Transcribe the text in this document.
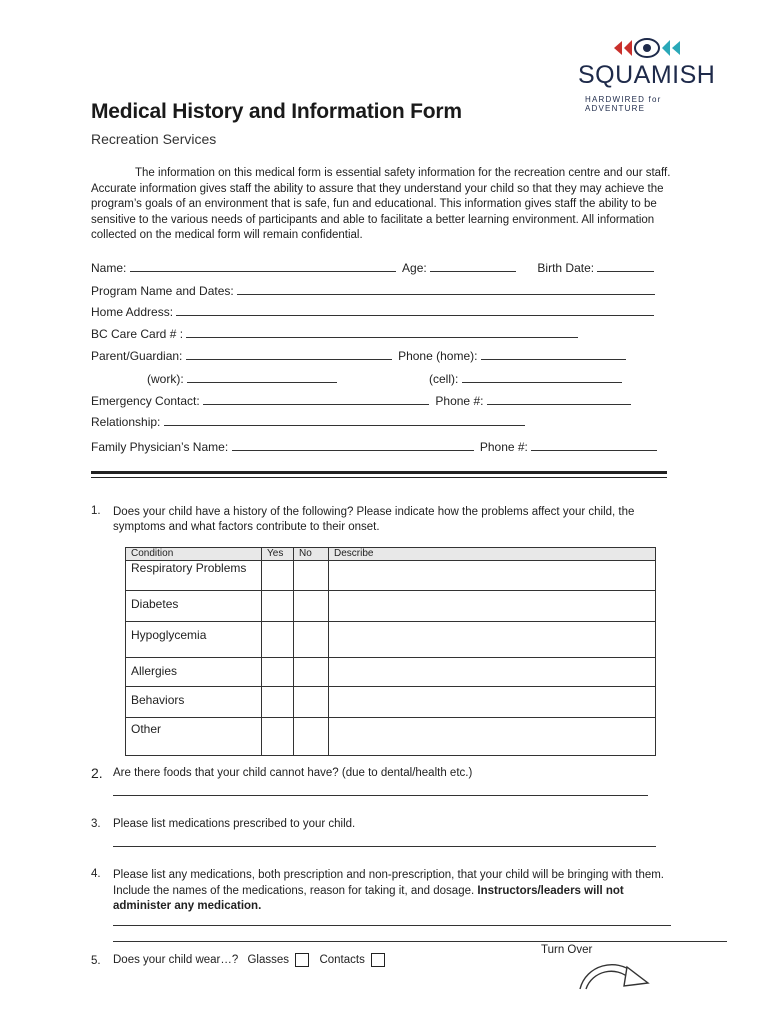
SQUAMISH
HARDWIRED for ADVENTURE
Medical History and Information Form
Recreation Services

The information on this medical form is essential safety information for the recreation centre and our staff. Accurate information gives staff the ability to assure that they understand your child so that they may achieve the program’s goals of an environment that is safe, fun and educational. This information gives staff the ability to be sensitive to the various needs of participants and able to facilitate a better learning environment. All information collected on the medical form will remain confidential.

Name:	Age:	Birth Date:
Program Name and Dates:
Home Address:
BC Care Card # :
Parent/Guardian:	Phone (home):
(work):	(cell):
Emergency Contact:	Phone #:
Relationship:
Family Physician’s Name:	Phone #:
1. Does your child have a history of the following? Please indicate how the problems affect your child, the symptoms and what factors contribute to their onset.
Condition	Yes	No	Describe
Respiratory Problems			
Diabetes			
Hypoglycemia			
Allergies			
Behaviors			
Other			
2. Are there foods that your child cannot have? (due to dental/health etc.)
3. Please list medications prescribed to your child.
4. Please list any medications, both prescription and non-prescription, that your child will be bringing with them. Include the names of the medications, reason for taking it, and dosage. Instructors/leaders will not administer any medication.
5. Does your child wear…? Glasses	Contacts
Turn Over
